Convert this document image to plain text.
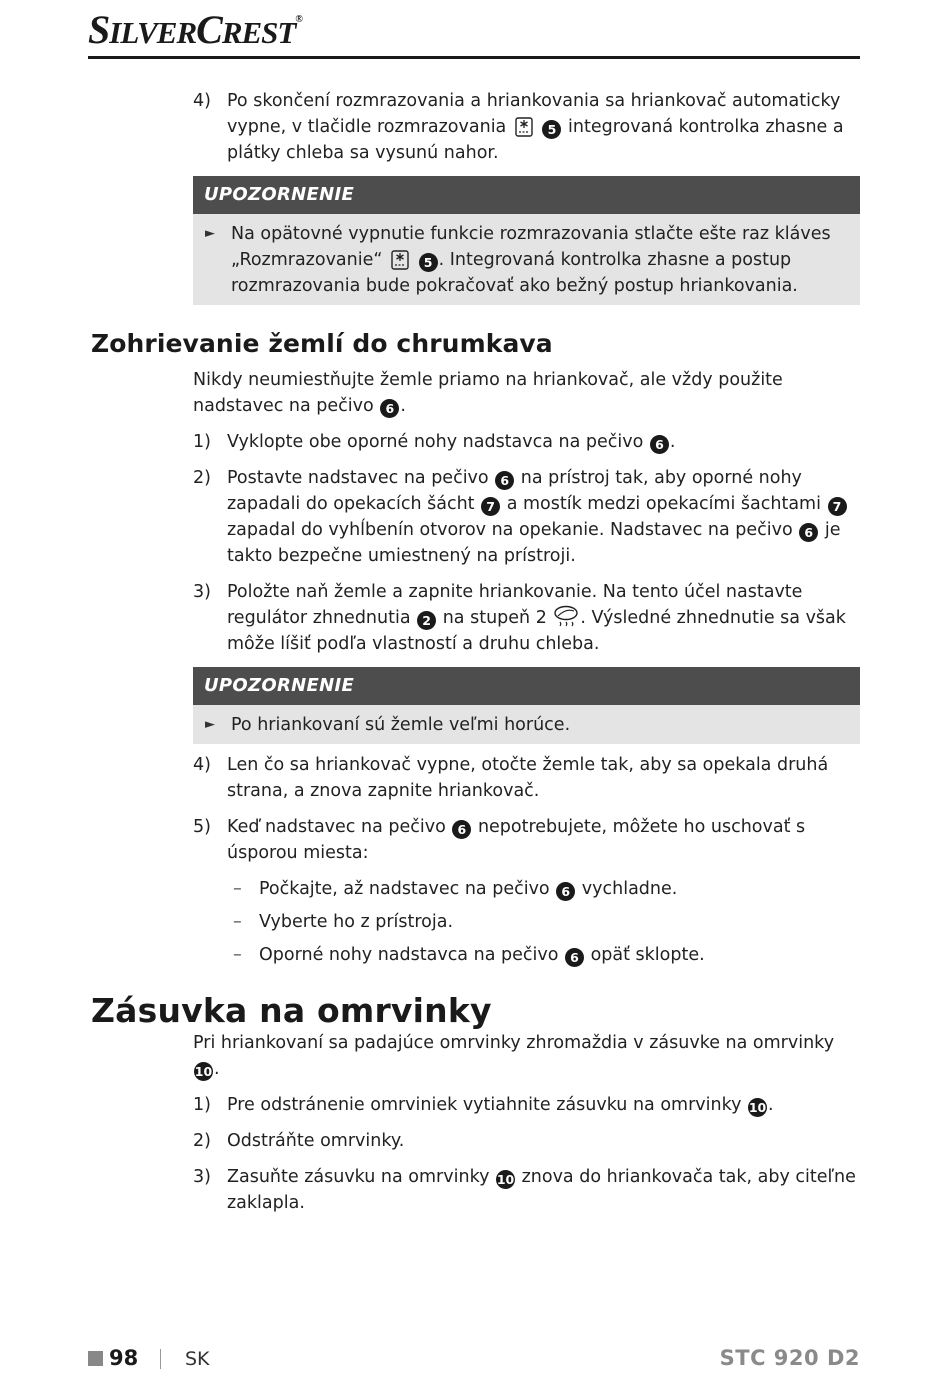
SILVERCREST®
4) Po skončení rozmrazovania a hriankovania sa hriankovač automaticky vypne, v tlačidle rozmrazovania	5 integrovaná kontrolka zhasne a plátky chleba sa vysunú nahor.
UPOZORNENIE
► Na opätovné vypnutie funkcie rozmrazovania stlačte ešte raz kláves „Rozmrazovanie“	5 . Integrovaná kontrolka zhasne a postup rozmrazovania bude pokračovať ako bežný postup hriankovania.
Zohrievanie žemlí do chrumkava
Nikdy neumiestňujte žemle priamo na hriankovač, ale vždy použite nadstavec na pečivo 6 .
1) Vyklopte obe oporné nohy nadstavca na pečivo 6 .
2) Postavte nadstavec na pečivo 6 na prístroj tak, aby oporné nohy zapadali do opekacích šácht 7 a mostík medzi opekacími šachtami 7 zapadal do vyhĺbenín otvorov na opekanie. Nadstavec na pečivo 6 je takto bezpečne umiestnený na prístroji.
3) Položte naň žemle a zapnite hriankovanie. Na tento účel nastavte regulátor zhnednutia 2 na stupeň 2 . Výsledné zhnednutie sa však môže líšiť podľa vlastností a druhu chleba.
UPOZORNENIE
► Po hriankovaní sú žemle veľmi horúce.
4) Len čo sa hriankovač vypne, otočte žemle tak, aby sa opekala druhá strana, a znova zapnite hriankovač.
5) Keď nadstavec na pečivo 6 nepotrebujete, môžete ho uschovať s úsporou miesta:
– Počkajte, až nadstavec na pečivo 6 vychladne.
– Vyberte ho z prístroja.
– Oporné nohy nadstavca na pečivo 6 opäť sklopte.
Zásuvka na omrvinky
Pri hriankovaní sa padajúce omrvinky zhromaždia v zásuvke na omrvinky 10 .
1) Pre odstránenie omrviniek vytiahnite zásuvku na omrvinky 10 .
2) Odstráňte omrvinky.
3) Zasuňte zásuvku na omrvinky 10 znova do hriankovača tak, aby citeľne zaklapla.
98 SK	STC 920 D2
